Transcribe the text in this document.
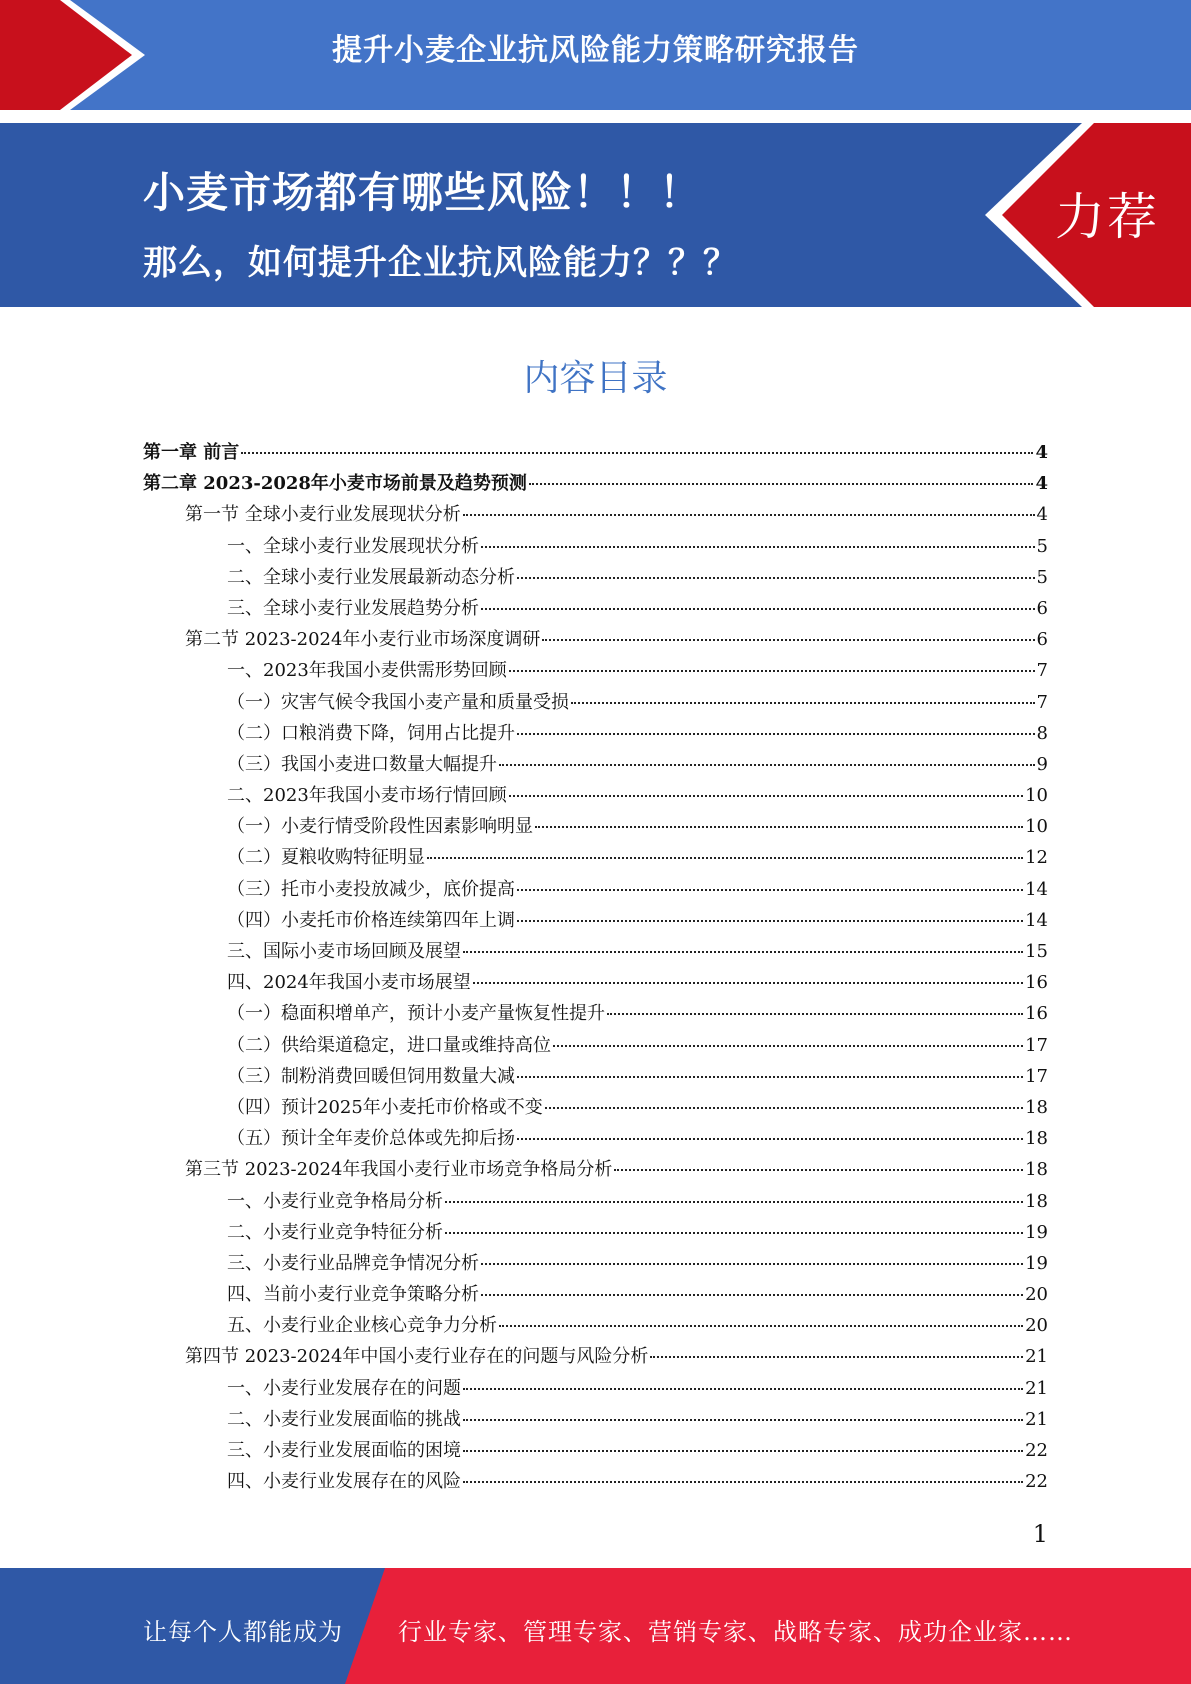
提升小麦企业抗风险能力策略研究报告
小麦市场都有哪些风险！！！
那么，如何提升企业抗风险能力？？？
力荐
内容目录
第一章 前言	4
第二章 2023-2028年小麦市场前景及趋势预测	4
第一节 全球小麦行业发展现状分析	4
一、全球小麦行业发展现状分析	5
二、全球小麦行业发展最新动态分析	5
三、全球小麦行业发展趋势分析	6
第二节 2023-2024年小麦行业市场深度调研	6
一、2023年我国小麦供需形势回顾	7
（一）灾害气候令我国小麦产量和质量受损	7
（二）口粮消费下降，饲用占比提升	8
（三）我国小麦进口数量大幅提升	9
二、2023年我国小麦市场行情回顾	10
（一）小麦行情受阶段性因素影响明显	10
（二）夏粮收购特征明显	12
（三）托市小麦投放减少，底价提高	14
（四）小麦托市价格连续第四年上调	14
三、国际小麦市场回顾及展望	15
四、2024年我国小麦市场展望	16
（一）稳面积增单产，预计小麦产量恢复性提升	16
（二）供给渠道稳定，进口量或维持高位	17
（三）制粉消费回暖但饲用数量大减	17
（四）预计2025年小麦托市价格或不变	18
（五）预计全年麦价总体或先抑后扬	18
第三节 2023-2024年我国小麦行业市场竞争格局分析	18
一、小麦行业竞争格局分析	18
二、小麦行业竞争特征分析	19
三、小麦行业品牌竞争情况分析	19
四、当前小麦行业竞争策略分析	20
五、小麦行业企业核心竞争力分析	20
第四节 2023-2024年中国小麦行业存在的问题与风险分析	21
一、小麦行业发展存在的问题	21
二、小麦行业发展面临的挑战	21
三、小麦行业发展面临的困境	22
四、小麦行业发展存在的风险	22
1
让每个人都能成为 行业专家、管理专家、营销专家、战略专家、成功企业家……
